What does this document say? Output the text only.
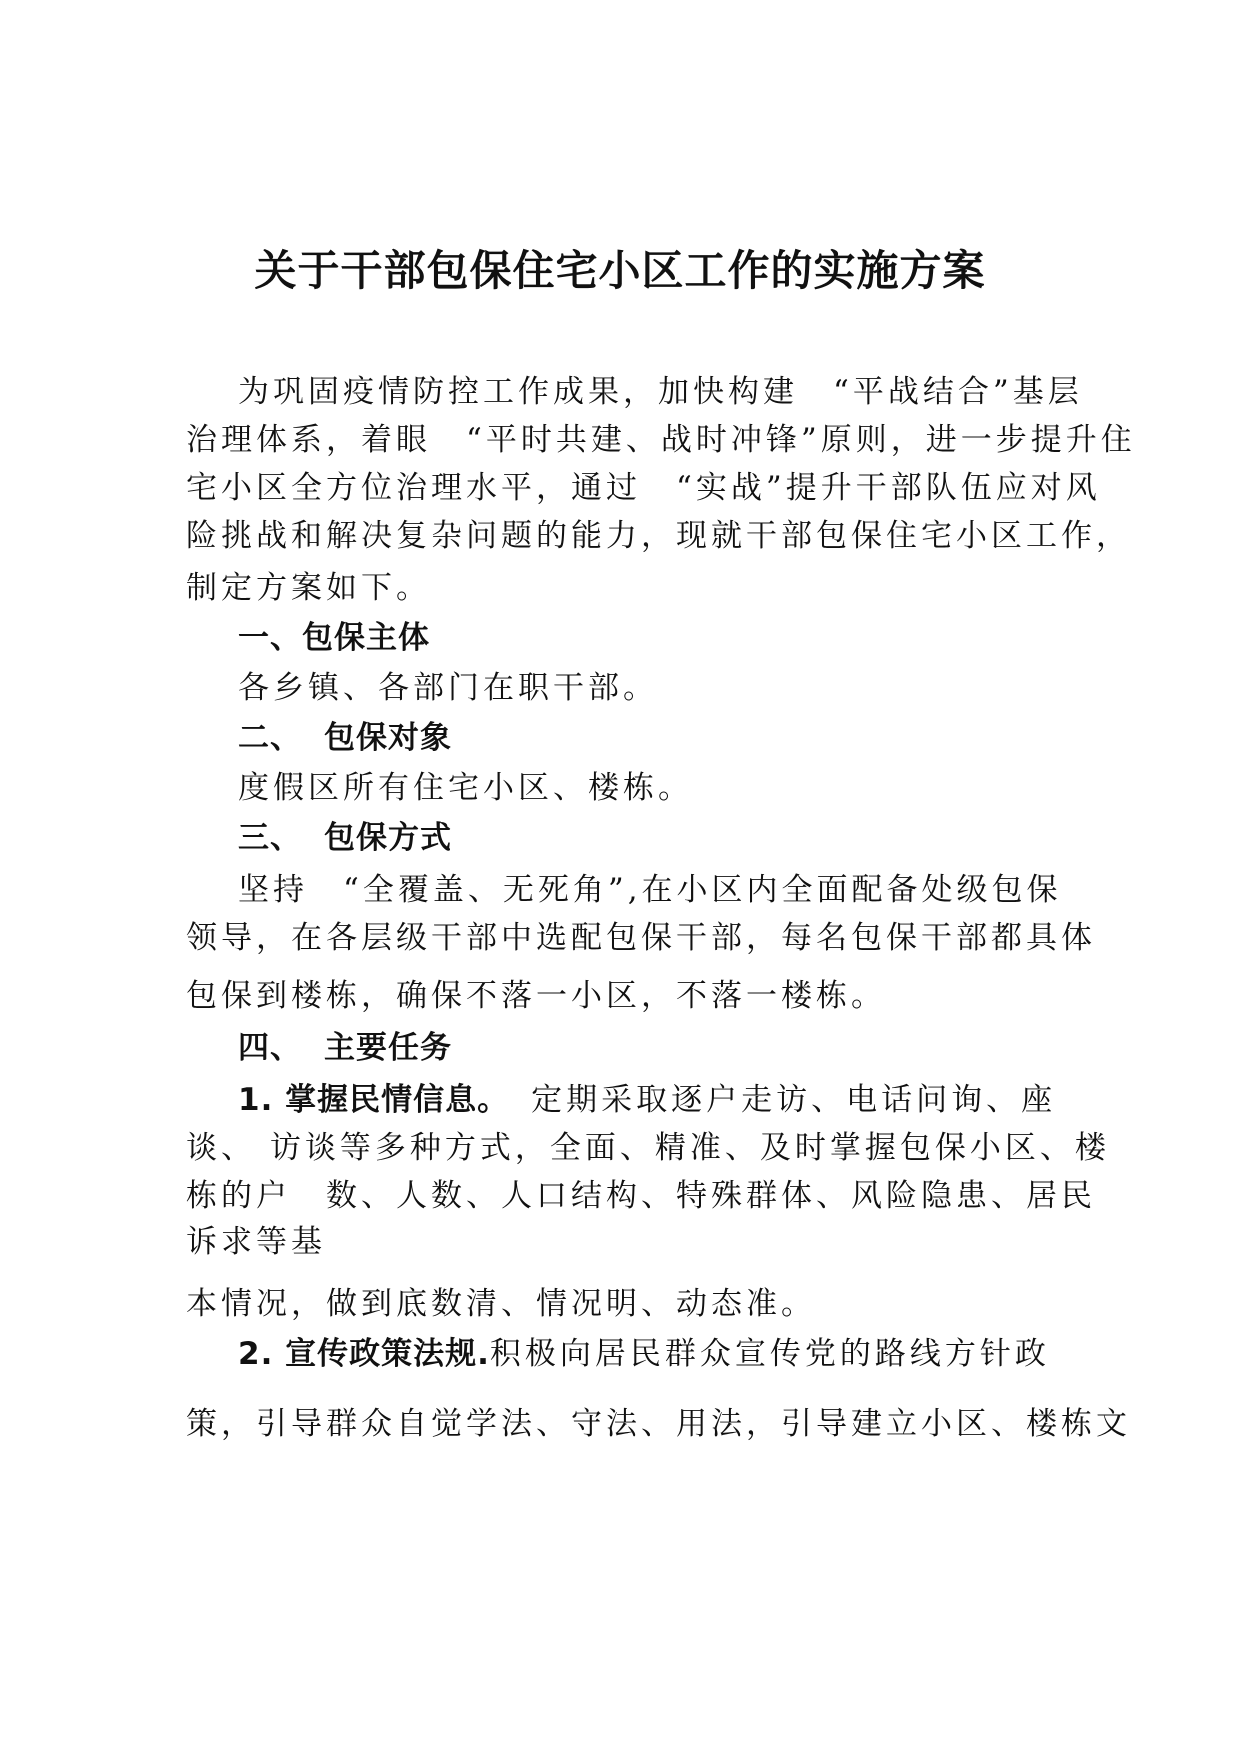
关于干部包保住宅小区工作的实施方案
为巩固疫情防控工作成果，加快构建　“平战结合”基层
治理体系，着眼　“平时共建、战时冲锋”原则，进一步提升住
宅小区全方位治理水平，通过　“实战”提升干部队伍应对风
险挑战和解决复杂问题的能力，现就干部包保住宅小区工作，
制定方案如下。
一、包保主体
各乡镇、各部门在职干部。
二、 包保对象
度假区所有住宅小区、楼栋。
三、 包保方式
坚持　“全覆盖、无死角”,在小区内全面配备处级包保
领导，在各层级干部中选配包保干部，每名包保干部都具体
包保到楼栋，确保不落一小区，不落一楼栋。
四、 主要任务
1. 掌握民情信息。 定期采取逐户走访、电话问询、座
谈、 访谈等多种方式，全面、精准、及时掌握包保小区、楼
栋的户　数、人数、人口结构、特殊群体、风险隐患、居民
诉求等基
本情况，做到底数清、情况明、动态准。
2. 宣传政策法规.积极向居民群众宣传党的路线方针政
策，引导群众自觉学法、守法、用法，引导建立小区、楼栋文
